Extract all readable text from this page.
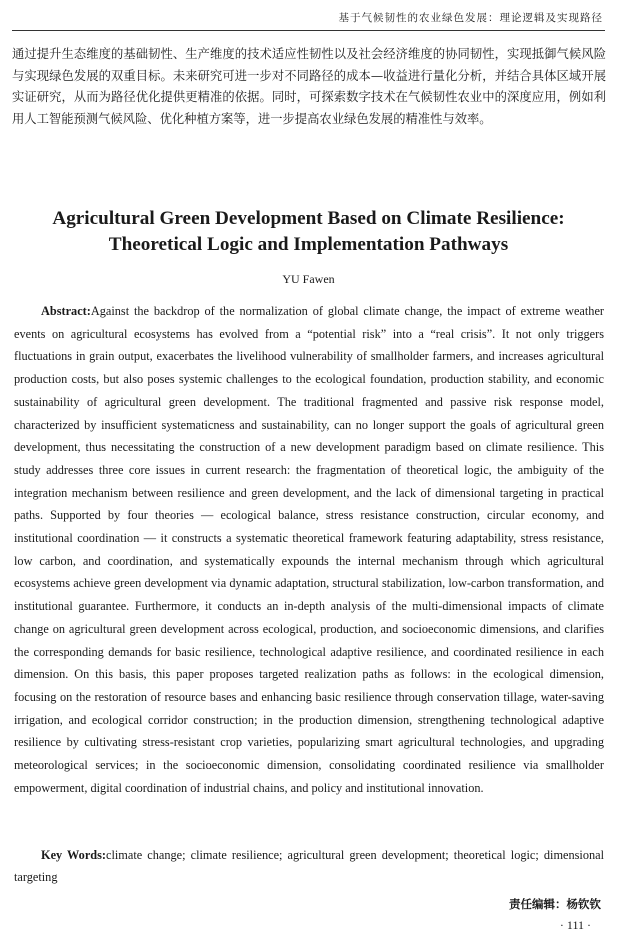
基于气候韧性的农业绿色发展：理论逻辑及实现路径

通过提升生态维度的基础韧性、生产维度的技术适应性韧性以及社会经济维度的协同韧性，实现抵御气候风险与实现绿色发展的双重目标。未来研究可进一步对不同路径的成本—收益进行量化分析，并结合具体区域开展实证研究，从而为路径优化提供更精准的依据。同时，可探索数字技术在气候韧性农业中的深度应用，例如利用人工智能预测气候风险、优化种植方案等，进一步提高农业绿色发展的精准性与效率。

Agricultural Green Development Based on Climate Resilience:
Theoretical Logic and Implementation Pathways
YU Fawen

Abstract:Against the backdrop of the normalization of global climate change, the impact of extreme weather events on agricultural ecosystems has evolved from a “potential risk” into a “real crisis”. It not only triggers fluctuations in grain output, exacerbates the livelihood vulnerability of smallholder farmers, and increases agricultural production costs, but also poses systemic challenges to the ecological foundation, production stability, and economic sustainability of agricultural green development. The traditional fragmented and passive risk response model, characterized by insufficient systematicness and sustainability, can no longer support the goals of agricultural green development, thus necessitating the construction of a new development paradigm based on climate resilience. This study addresses three core issues in current research: the fragmentation of theoretical logic, the ambiguity of the integration mechanism between resilience and green development, and the lack of dimensional targeting in practical paths. Supported by four theories — ecological balance, stress resistance construction, circular economy, and institutional coordination — it constructs a systematic theoretical framework featuring adaptability, stress resistance, low carbon, and coordination, and systematically expounds the internal mechanism through which agricultural ecosystems achieve green development via dynamic adaptation, structural stabilization, low-carbon transformation, and institutional guarantee. Furthermore, it conducts an in-depth analysis of the multi-dimensional impacts of climate change on agricultural green development across ecological, production, and socioeconomic dimensions, and clarifies the corresponding demands for basic resilience, technological adaptive resilience, and coordinated resilience in each dimension. On this basis, this paper proposes targeted realization paths as follows: in the ecological dimension, focusing on the restoration of resource bases and enhancing basic resilience through conservation tillage, water-saving irrigation, and ecological corridor construction; in the production dimension, strengthening technological adaptive resilience by cultivating stress-resistant crop varieties, popularizing smart agricultural technologies, and upgrading meteorological services; in the socioeconomic dimension, consolidating coordinated resilience via smallholder empowerment, digital coordination of industrial chains, and policy and institutional innovation.

Key Words:climate change; climate resilience; agricultural green development; theoretical logic; dimensional targeting

责任编辑：杨钦钦

· 111 ·
